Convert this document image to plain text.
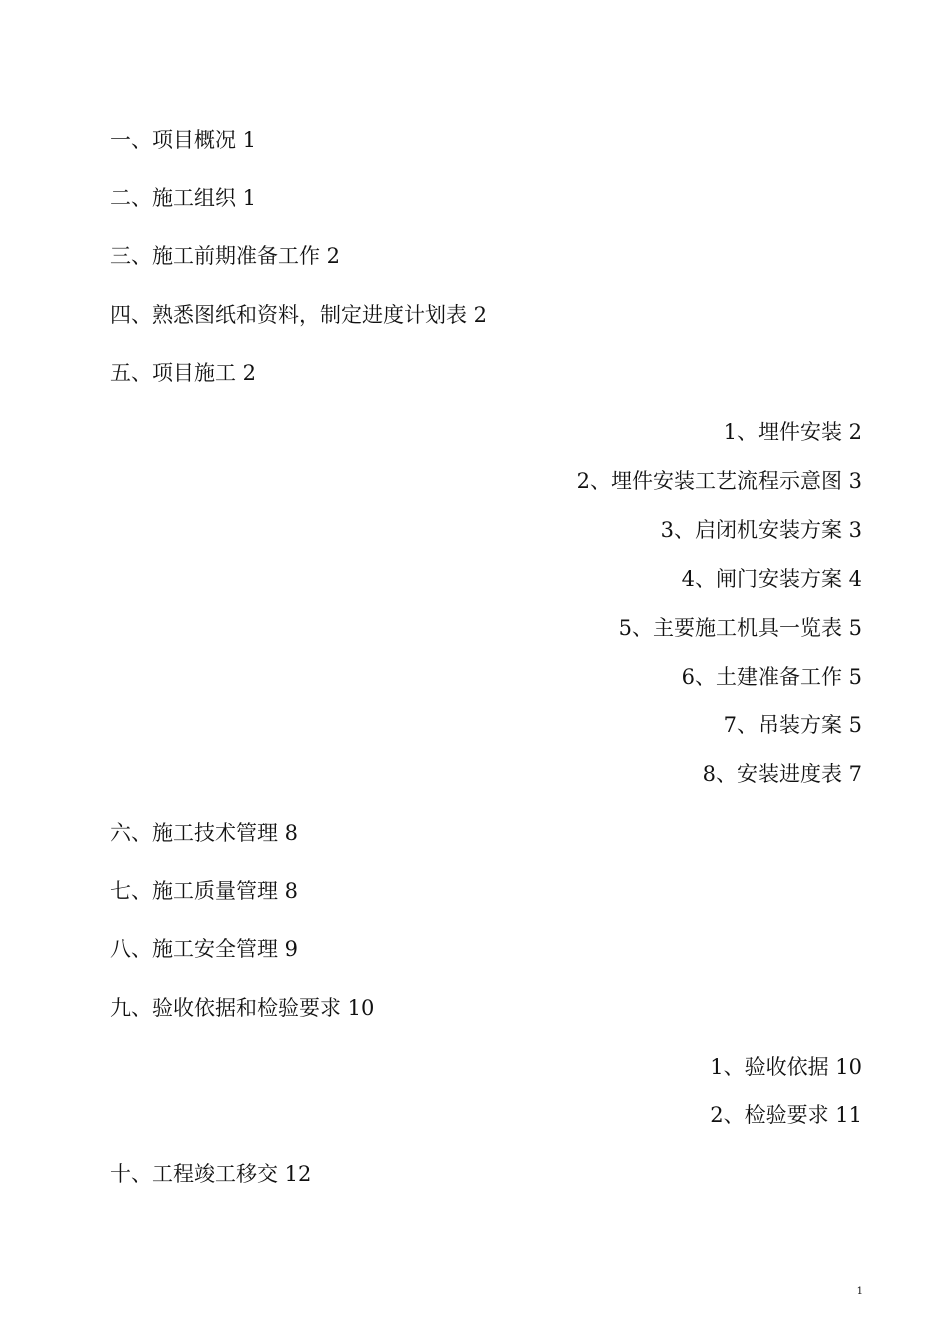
一、项目概况 1
二、施工组织 1
三、施工前期准备工作 2
四、熟悉图纸和资料，制定进度计划表 2
五、项目施工 2
1、埋件安装 2
2、埋件安装工艺流程示意图 3
3、启闭机安装方案 3
4、闸门安装方案 4
5、主要施工机具一览表 5
6、土建准备工作 5
7、吊装方案 5
8、安装进度表 7
六、施工技术管理 8
七、施工质量管理 8
八、施工安全管理 9
九、验收依据和检验要求 10
1、验收依据 10
2、检验要求 11
十、工程竣工移交 12
1
